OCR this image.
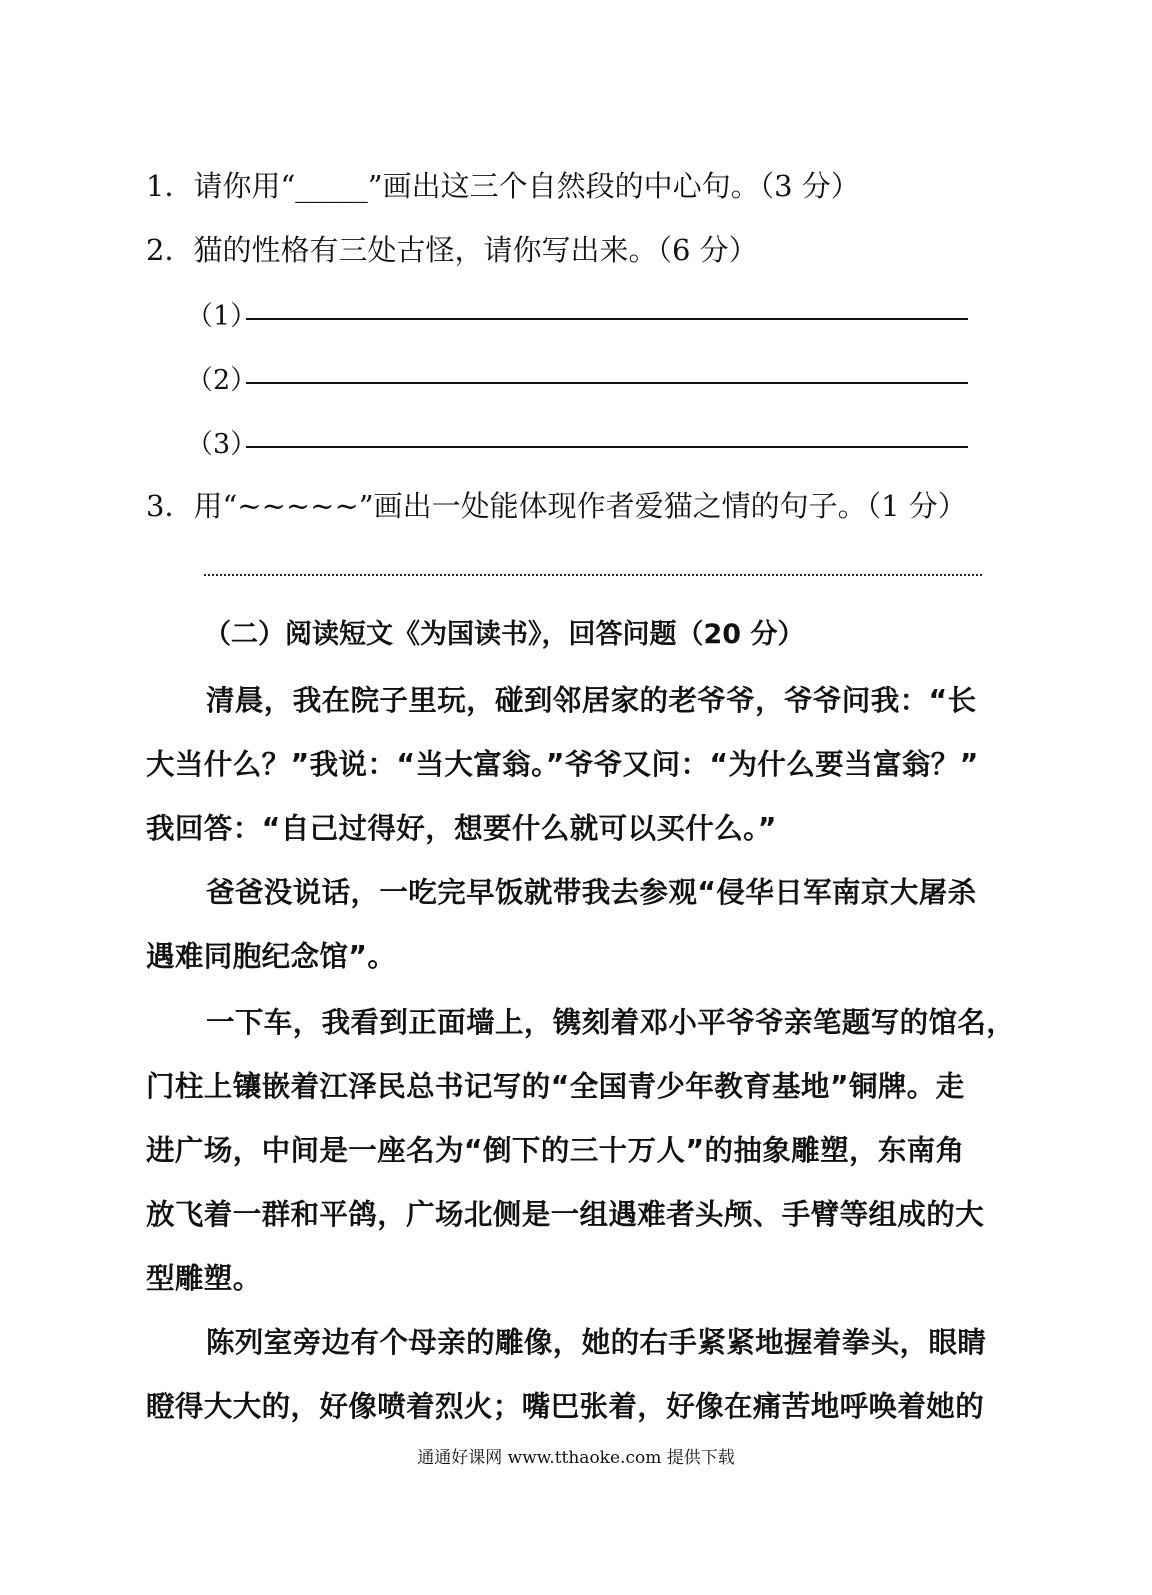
1．请你用“_____”画出这三个自然段的中心句。（3 分）
2．猫的性格有三处古怪，请你写出来。（6 分）
（1）
（2）
（3）
3．用“~~~~~”画出一处能体现作者爱猫之情的句子。（1 分）
（二）阅读短文《为国读书》，回答问题（20 分）
清晨，我在院子里玩，碰到邻居家的老爷爷，爷爷问我：“长
大当什么？”我说：“当大富翁。”爷爷又问：“为什么要当富翁？”
我回答：“自己过得好，想要什么就可以买什么。”
爸爸没说话，一吃完早饭就带我去参观“侵华日军南京大屠杀
遇难同胞纪念馆”。
一下车，我看到正面墙上，镌刻着邓小平爷爷亲笔题写的馆名，
门柱上镶嵌着江泽民总书记写的“全国青少年教育基地”铜牌。走
进广场，中间是一座名为“倒下的三十万人”的抽象雕塑，东南角
放飞着一群和平鸽，广场北侧是一组遇难者头颅、手臂等组成的大
型雕塑。
陈列室旁边有个母亲的雕像，她的右手紧紧地握着拳头，眼睛
瞪得大大的，好像喷着烈火；嘴巴张着，好像在痛苦地呼唤着她的
通通好课网 www.tthaoke.com 提供下载
